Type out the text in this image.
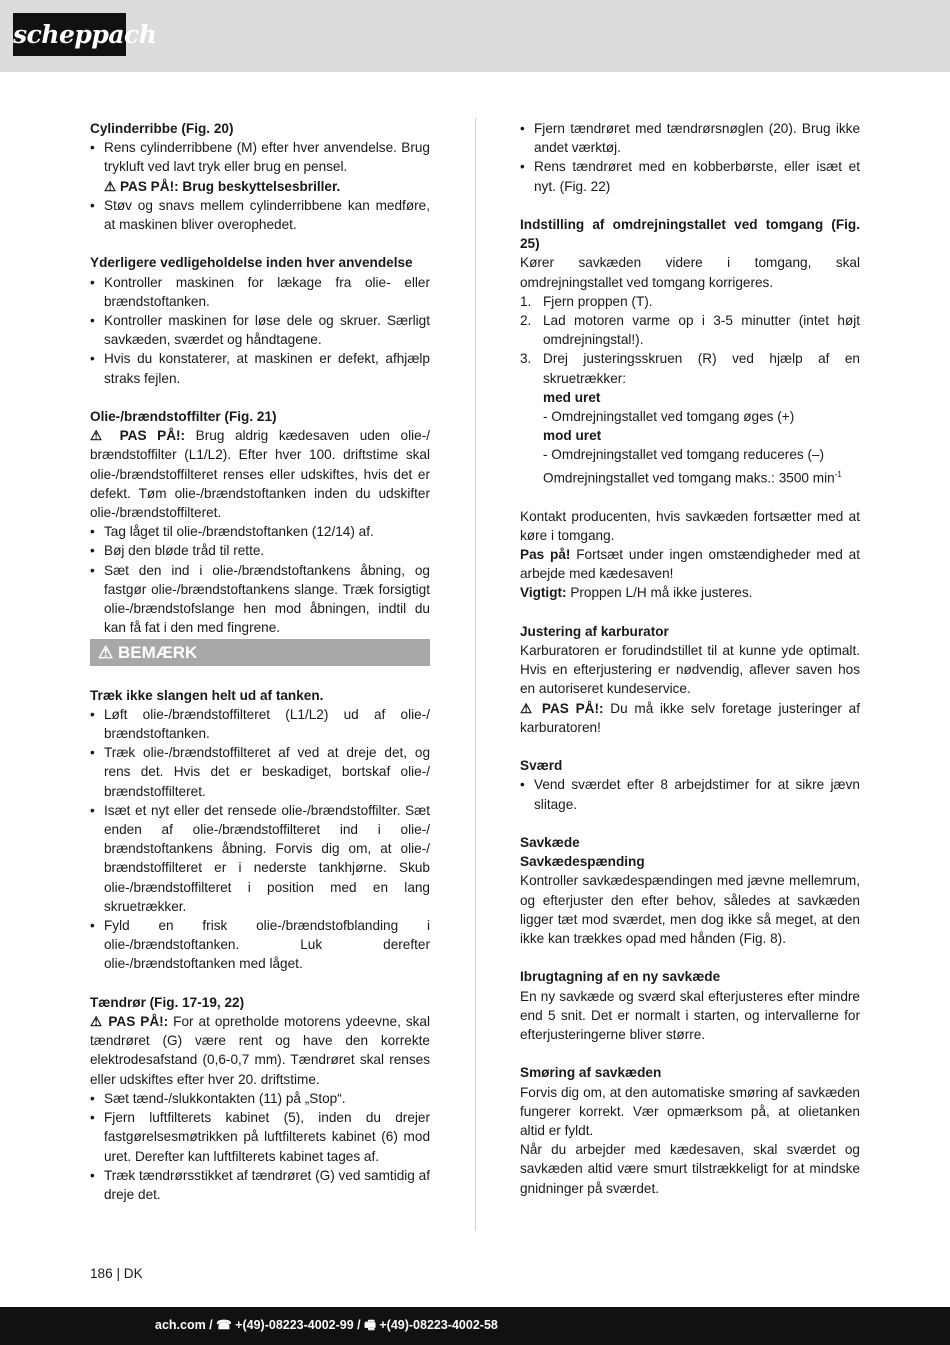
scheppach

Cylinderribbe (Fig. 20)

• Rens cylinderribbene (M) efter hver anvendelse. Brug trykluft ved lavt tryk eller brug en pensel.
⚠ PAS PÅ!: Brug beskyttelsesbriller.

• Støv og snavs mellem cylinderribbene kan medføre, at maskinen bliver overophedet.

Yderligere vedligeholdelse inden hver anvendelse

• Kontroller maskinen for lækage fra olie- eller brændstoftanken.

• Kontroller maskinen for løse dele og skruer. Særligt savkæden, sværdet og håndtagene.

• Hvis du konstaterer, at maskinen er defekt, afhjælp straks fejlen.

Olie-/brændstoffilter (Fig. 21)

⚠ PAS PÅ!: Brug aldrig kædesaven uden olie-/ brændstoffilter (L1/L2). Efter hver 100. driftstime skal olie-/brændstoffilteret renses eller udskiftes, hvis det er defekt. Tøm olie-/brændstoftanken inden du udskifter olie-/brændstoffilteret.

• Tag låget til olie-/brændstoftanken (12/14) af.

• Bøj den bløde tråd til rette.

• Sæt den ind i olie-/brændstoftankens åbning, og fastgør olie-/brændstoftankens slange. Træk forsigtigt olie-/brændstofslange hen mod åbningen, indtil du kan få fat i den med fingrene.

⚠ BEMÆRK

Træk ikke slangen helt ud af tanken.

• Løft olie-/brændstoffilteret (L1/L2) ud af olie-/ brændstoftanken.

• Træk olie-/brændstoffilteret af ved at dreje det, og rens det. Hvis det er beskadiget, bortskaf olie-/ brændstoffilteret.

• Isæt et nyt eller det rensede olie-/brændstoffilter. Sæt enden af olie-/brændstoffilteret ind i olie-/ brændstoftankens åbning. Forvis dig om, at olie-/ brændstoffilteret er i nederste tankhjørne. Skub olie-/brændstoffilteret i position med en lang skruetrækker.

• Fyld en frisk olie-/brændstofblanding i olie-/brændstoftanken. Luk derefter olie-/brændstoftanken med låget.

Tændrør (Fig. 17-19, 22)

⚠ PAS PÅ!: For at opretholde motorens ydeevne, skal tændrøret (G) være rent og have den korrekte elektrodesafstand (0,6-0,7 mm). Tændrøret skal renses eller udskiftes efter hver 20. driftstime.

• Sæt tænd-/slukkontakten (11) på „Stop“.

• Fjern luftfilterets kabinet (5), inden du drejer fastgørelsesmøtrikken på luftfilterets kabinet (6) mod uret. Derefter kan luftfilterets kabinet tages af.

• Træk tændrørsstikket af tændrøret (G) ved samtidig af dreje det.

• Fjern tændrøret med tændrørsnøglen (20). Brug ikke andet værktøj.

• Rens tændrøret med en kobberbørste, eller isæt et nyt. (Fig. 22)

Indstilling af omdrejningstallet ved tomgang (Fig. 25)

Kører savkæden videre i tomgang, skal omdrejningstallet ved tomgang korrigeres.

1. Fjern proppen (T).

2. Lad motoren varme op i 3-5 minutter (intet højt omdrejningstal!).

3. Drej justeringsskruen (R) ved hjælp af en skruetrækker:

med uret

- Omdrejningstallet ved tomgang øges (+)

mod uret

- Omdrejningstallet ved tomgang reduceres (–)

Omdrejningstallet ved tomgang maks.: 3500 $\min^{-1}$

Kontakt producenten, hvis savkæden fortsætter med at køre i tomgang.

Pas på! Fortsæt under ingen omstændigheder med at arbejde med kædesaven!

Vigtigt: Proppen L/H må ikke justeres.

Justering af karburator

Karburatoren er forudindstillet til at kunne yde optimalt. Hvis en efterjustering er nødvendig, aflever saven hos en autoriseret kundeservice.

⚠ PAS PÅ!: Du må ikke selv foretage justeringer af karburatoren!

Sværd

• Vend sværdet efter 8 arbejdstimer for at sikre jævn slitage.

Savkæde

Savkædespænding

Kontroller savkædespændingen med jævne mellemrum, og efterjuster den efter behov, således at savkæden ligger tæt mod sværdet, men dog ikke så meget, at den ikke kan trækkes opad med hånden (Fig. 8).

Ibrugtagning af en ny savkæde

En ny savkæde og sværd skal efterjusteres efter mindre end 5 snit. Det er normalt i starten, og intervallerne for efterjusteringerne bliver større.

Smøring af savkæden

Forvis dig om, at den automatiske smøring af savkæden fungerer korrekt. Vær opmærksom på, at olietanken altid er fyldt.

Når du arbejder med kædesaven, skal sværdet og savkæden altid være smurt tilstrækkeligt for at mindske gnidninger på sværdet.

186 | DK
ach.com / ☎ +(49)-08223-4002-99 / 🖷 +(49)-08223-4002-58
